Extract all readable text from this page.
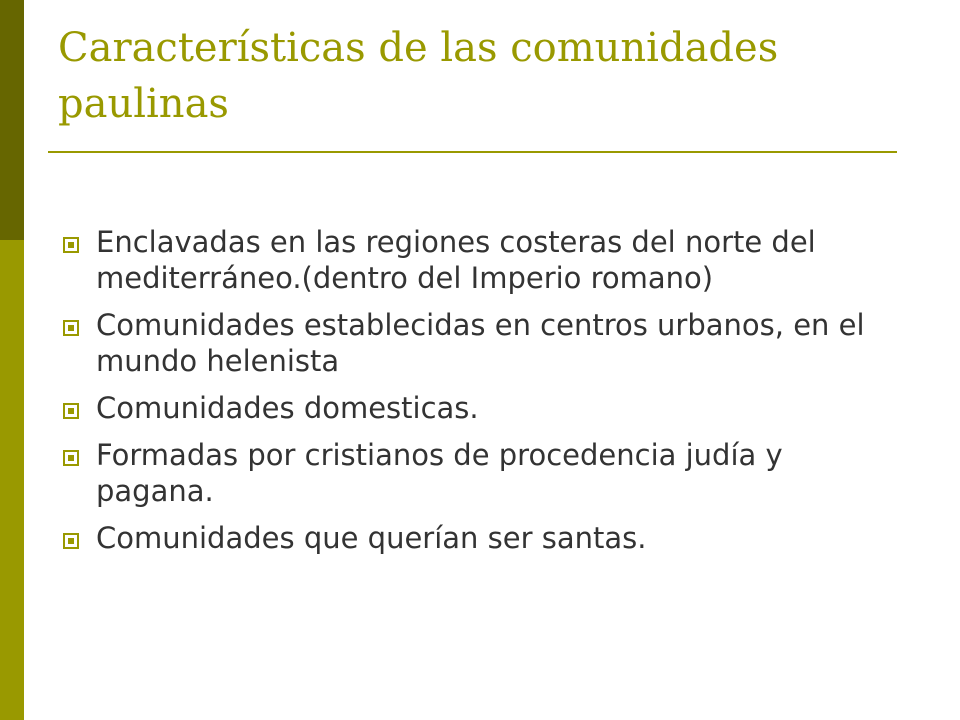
Características de las comunidades paulinas
Enclavadas en las regiones costeras del norte del mediterráneo.(dentro del Imperio romano)
Comunidades establecidas en centros urbanos, en el mundo helenista
Comunidades domesticas.
Formadas por cristianos de procedencia judía y pagana.
Comunidades que querían ser santas.
